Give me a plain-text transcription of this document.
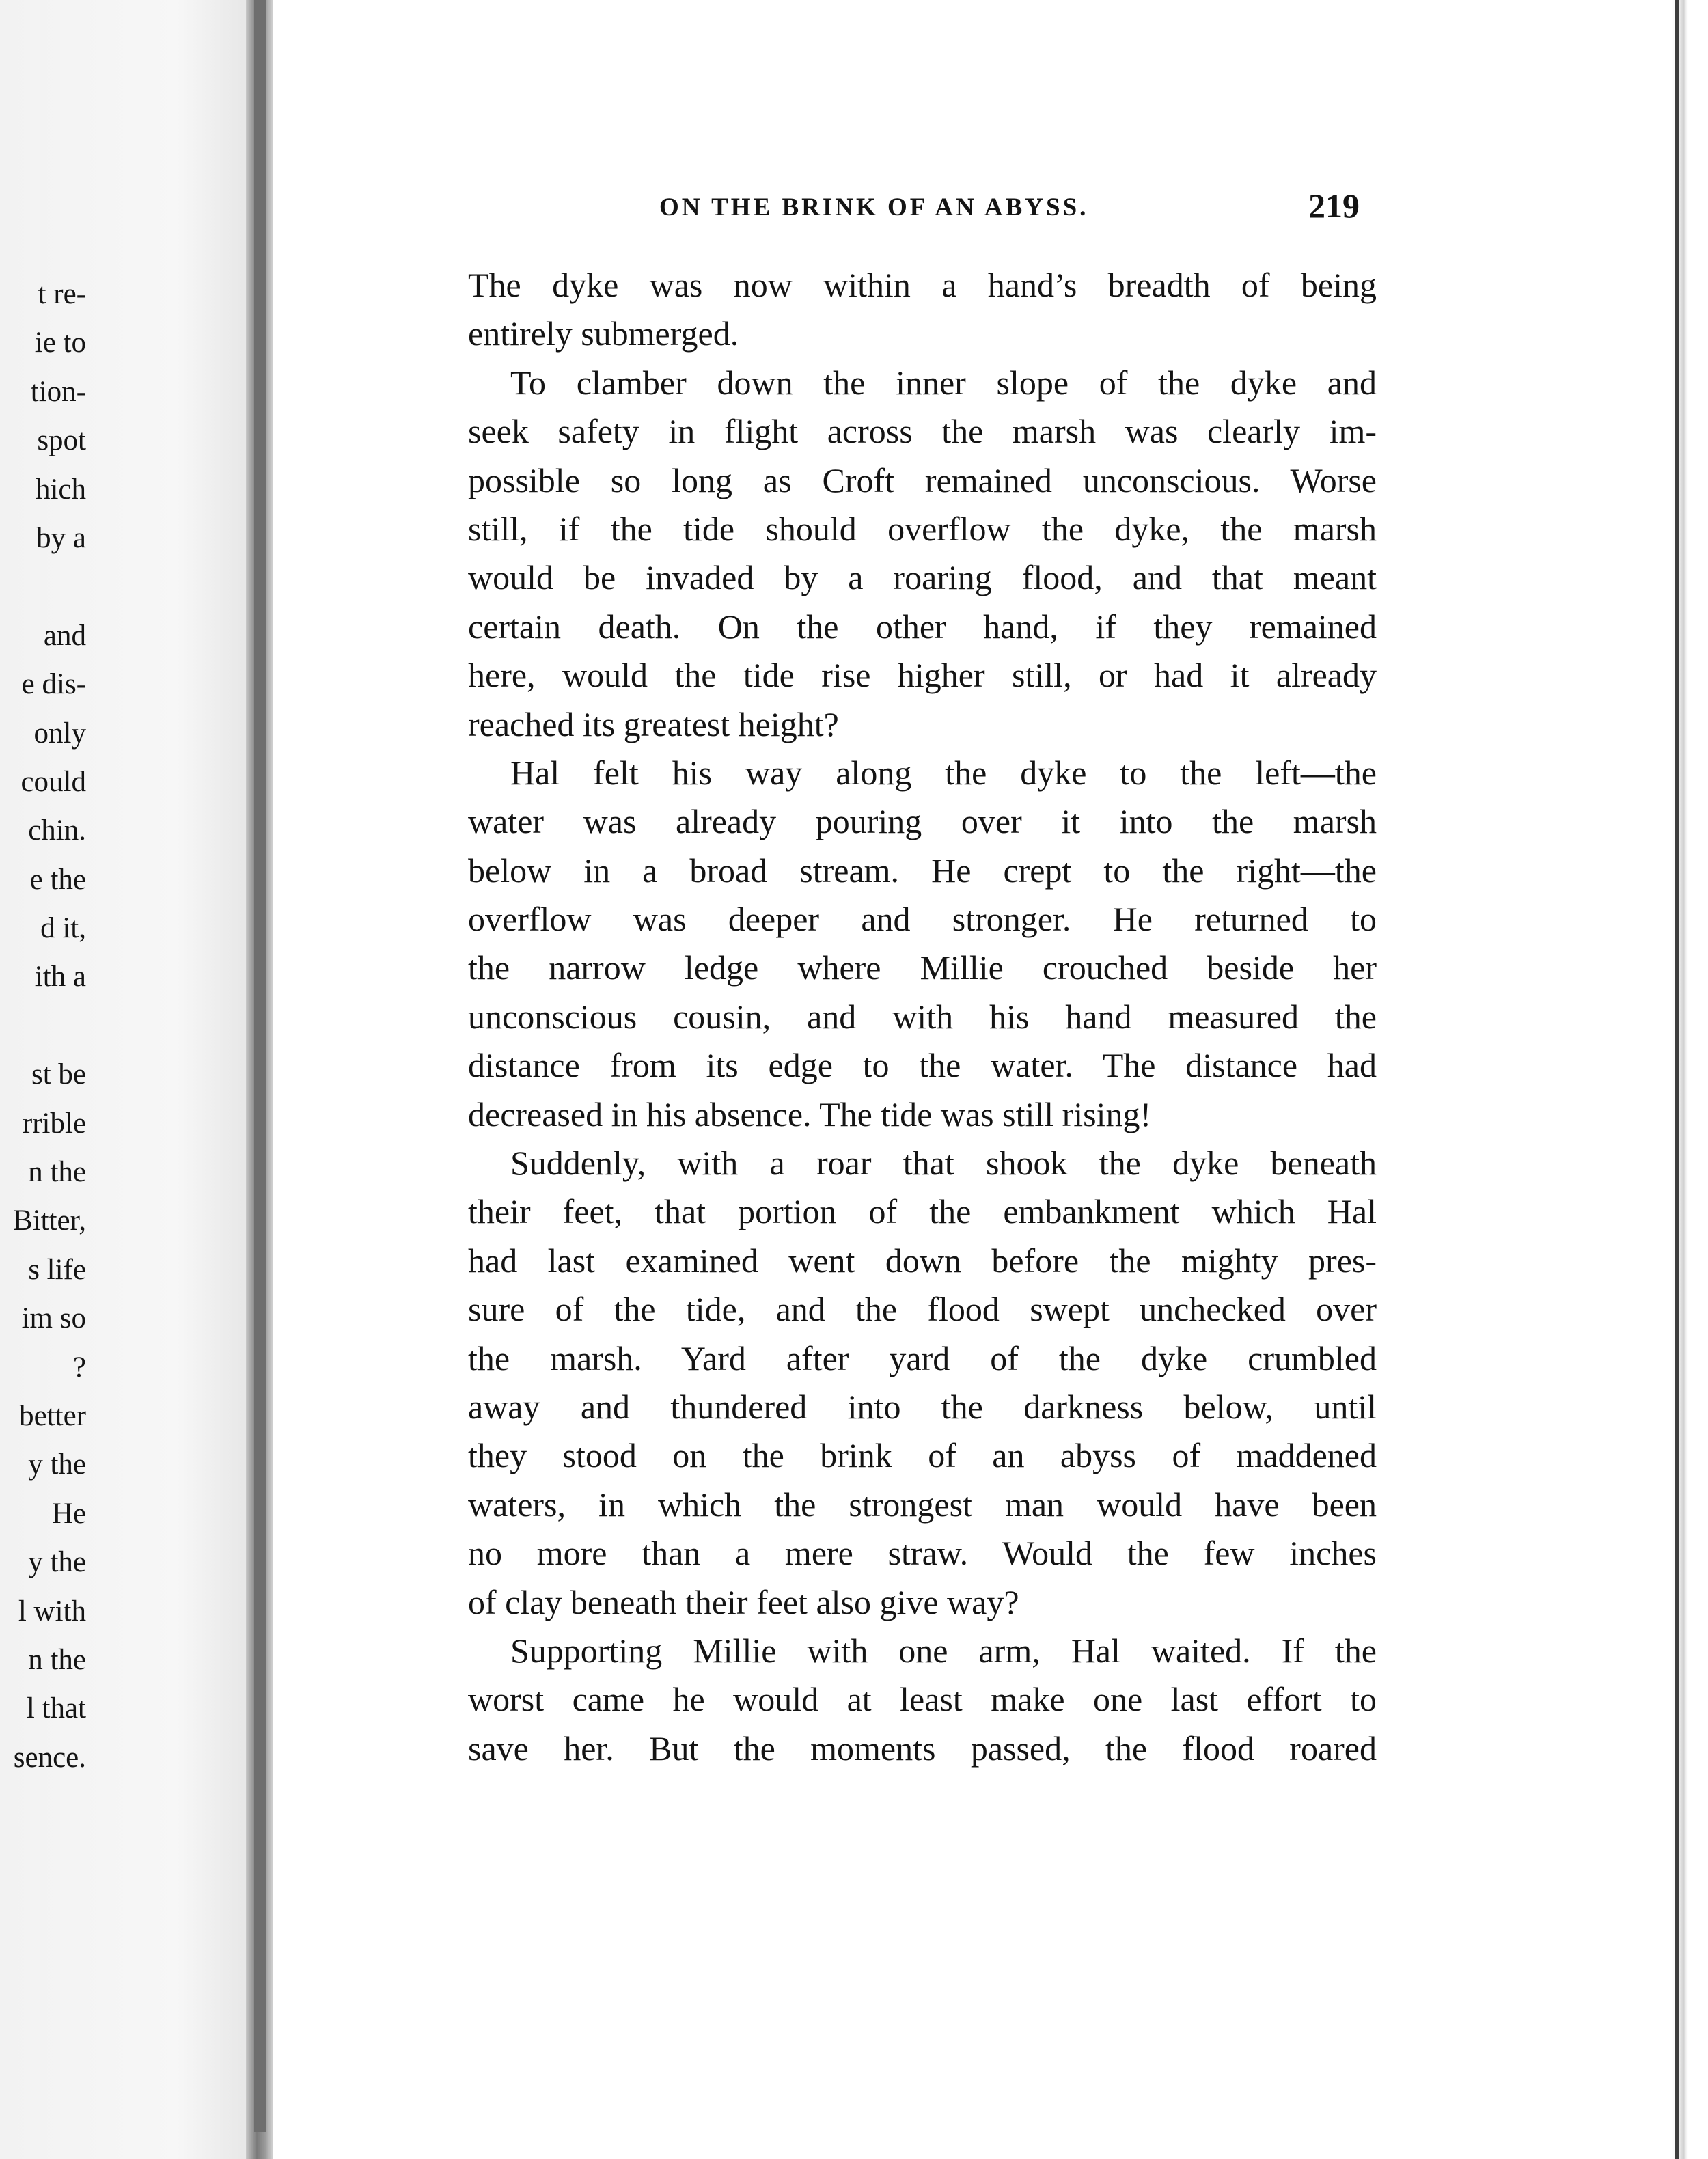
t re-
ie to
tion-
spot
hich
by a
and
e dis-
only
could
chin.
e the
d it,
ith a
st be
rrible
n the
Bitter,
s life
im so
?
better
y the
He
y the
l with
n the
l that
sence.
ON THE BRINK OF AN ABYSS.	219
The dyke was now within a hand’s breadth of being
entirely submerged.
To clamber down the inner slope of the dyke and
seek safety in flight across the marsh was clearly im-
possible so long as Croft remained unconscious. Worse
still, if the tide should overflow the dyke, the marsh
would be invaded by a roaring flood, and that meant
certain death. On the other hand, if they remained
here, would the tide rise higher still, or had it already
reached its greatest height?
Hal felt his way along the dyke to the left—the
water was already pouring over it into the marsh
below in a broad stream. He crept to the right—the
overflow was deeper and stronger. He returned to
the narrow ledge where Millie crouched beside her
unconscious cousin, and with his hand measured the
distance from its edge to the water. The distance had
decreased in his absence. The tide was still rising!
Suddenly, with a roar that shook the dyke beneath
their feet, that portion of the embankment which Hal
had last examined went down before the mighty pres-
sure of the tide, and the flood swept unchecked over
the marsh. Yard after yard of the dyke crumbled
away and thundered into the darkness below, until
they stood on the brink of an abyss of maddened
waters, in which the strongest man would have been
no more than a mere straw. Would the few inches
of clay beneath their feet also give way?
Supporting Millie with one arm, Hal waited. If the
worst came he would at least make one last effort to
save her. But the moments passed, the flood roared
